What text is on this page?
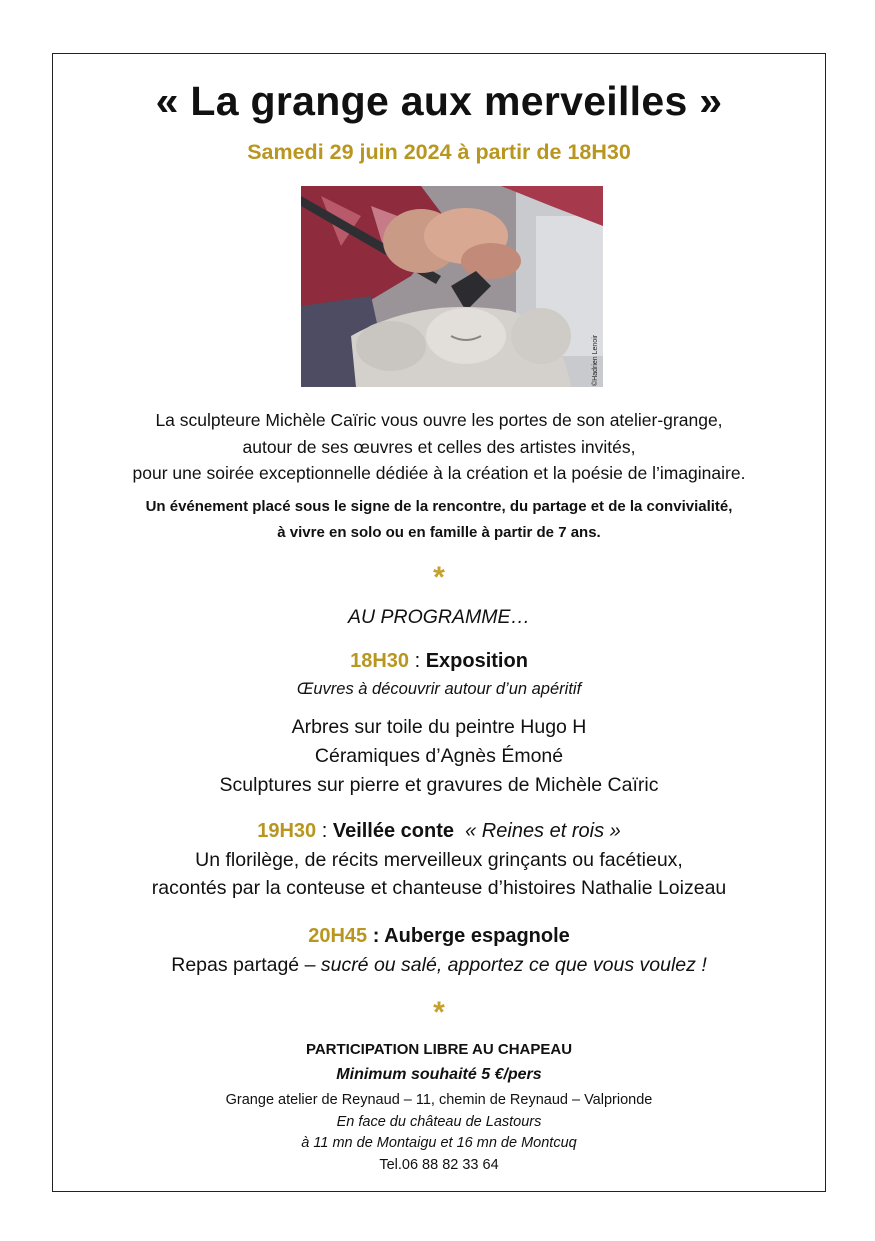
« La grange aux merveilles »
Samedi 29 juin 2024 à partir de 18H30
©Hadrien Lenoir
La sculpteure Michèle Caïric vous ouvre les portes de son atelier-grange,
autour de ses œuvres et celles des artistes invités,
pour une soirée exceptionnelle dédiée à la création et la poésie de l’imaginaire.
Un événement placé sous le signe de la rencontre, du partage et de la convivialité,
à vivre en solo ou en famille à partir de 7 ans.
*
AU PROGRAMME…
18H30 : Exposition
Œuvres à découvrir autour d’un apéritif
Arbres sur toile du peintre Hugo H
Céramiques d’Agnès Émoné
Sculptures sur pierre et gravures de Michèle Caïric
19H30 : Veillée conte « Reines et rois »
Un florilège, de récits merveilleux grinçants ou facétieux,
racontés par la conteuse et chanteuse d’histoires Nathalie Loizeau
20H45 : Auberge espagnole
Repas partagé – sucré ou salé, apportez ce que vous voulez !
*
PARTICIPATION LIBRE AU CHAPEAU
Minimum souhaité 5 €/pers
Grange atelier de Reynaud – 11, chemin de Reynaud – Valprionde
En face du château de Lastours
à 11 mn de Montaigu et 16 mn de Montcuq
Tel.06 88 82 33 64
